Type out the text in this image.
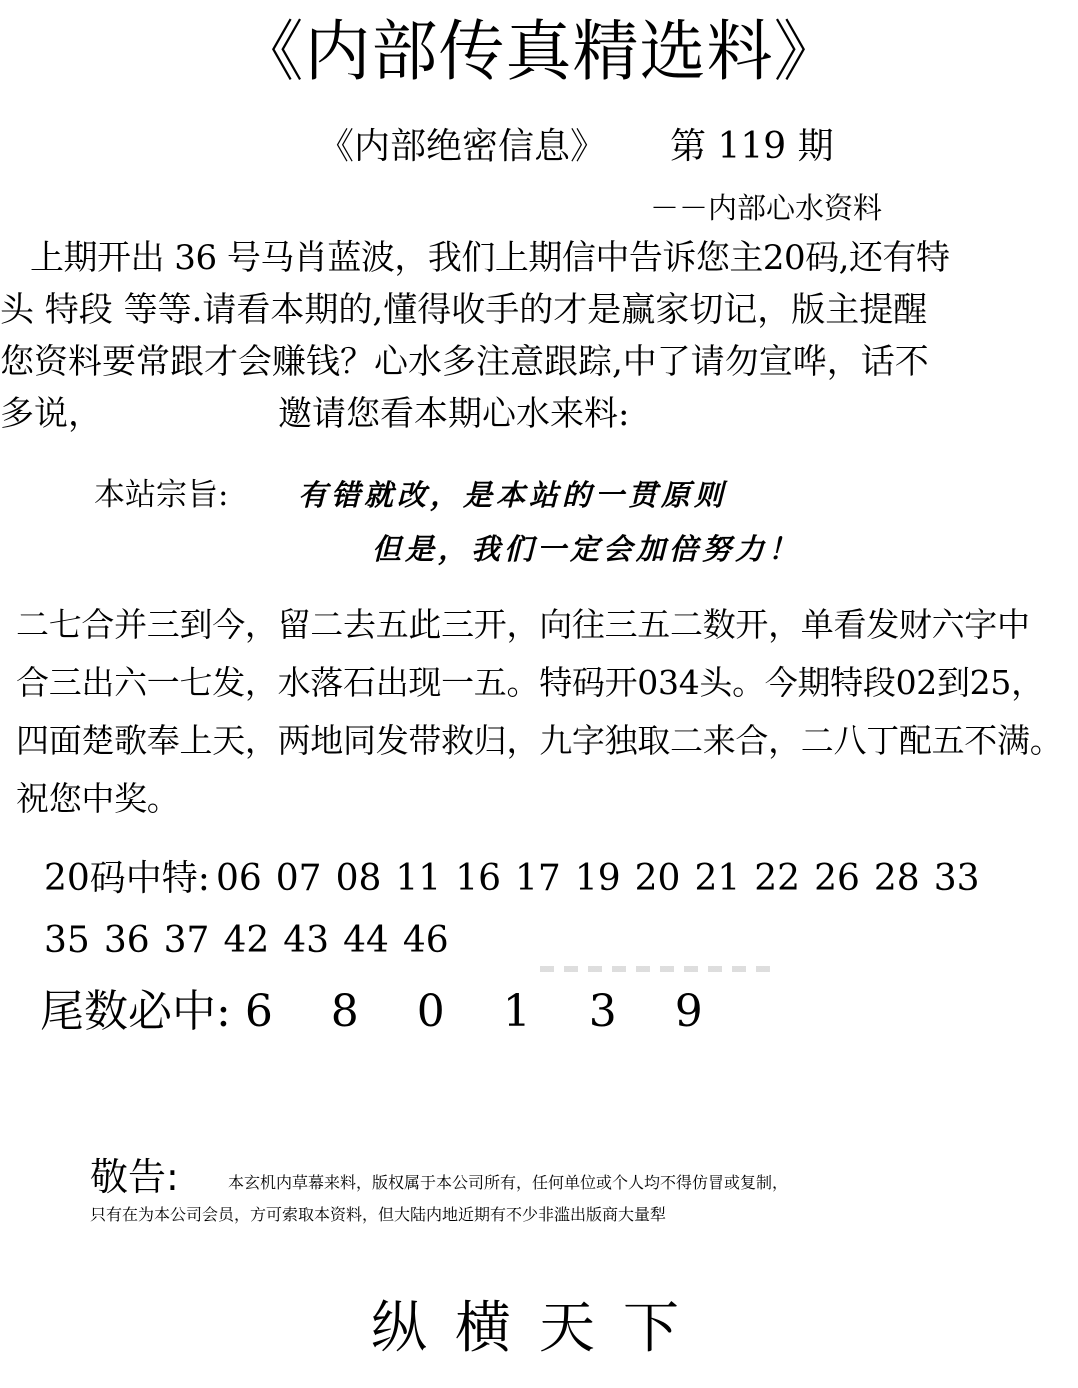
《内部传真精选料》
《内部绝密信息》 第 119 期
－－内部心水资料
上期开出 36 号马肖蓝波，我们上期信中告诉您主20码,还有特
头 特段 等等.请看本期的,懂得收手的才是赢家切记，版主提醒
您资料要常跟才会赚钱？心水多注意跟踪,中了请勿宣哗，话不
多说，	邀请您看本期心水来料:
本站宗旨: 有错就改，是本站的一贯原则
但是，我们一定会加倍努力！
二七合并三到今，留二去五此三开，向往三五二数开，单看发财六字中
合三出六一七发，水落石出现一五。特码开034头。今期特段02到25，
四面楚歌奉上天，两地同发带救归，九字独取二来合，二八丁配五不满。
祝您中奖。
20码中特: 06 07 08 11 16 17 19 20 21 22 26 28 33
35 36 37 42 43 44 46
尾数必中: 6 8 0 1 3 9
敬告:	本玄机内草幕来料，版权属于本公司所有，任何单位或个人均不得仿冒或复制，
只有在为本公司会员，方可索取本资料，但大陆内地近期有不少非滥出版商大量犁
纵横天下
